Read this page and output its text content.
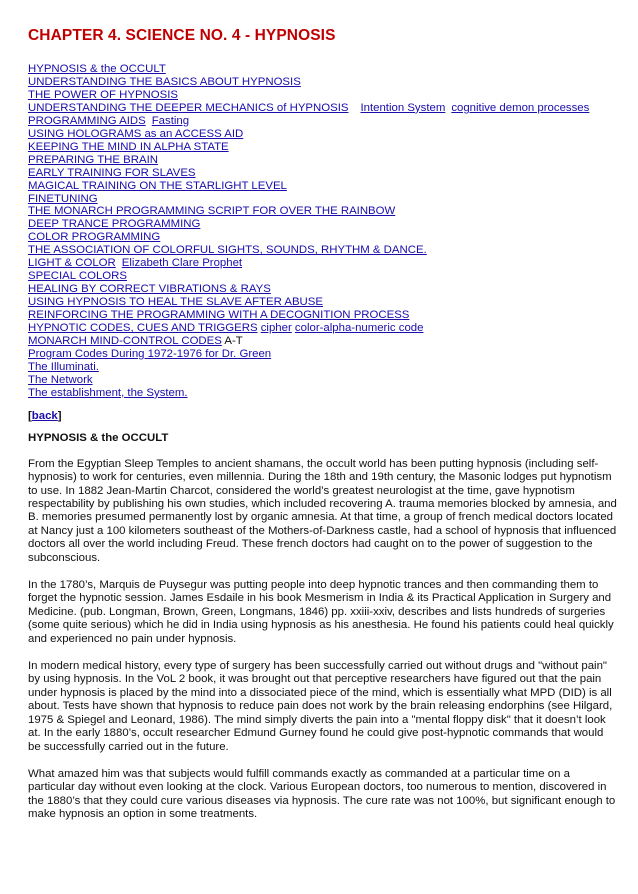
CHAPTER 4. SCIENCE NO. 4 - HYPNOSIS
HYPNOSIS & the OCCULT
UNDERSTANDING THE BASICS ABOUT HYPNOSIS
THE POWER OF HYPNOSIS
UNDERSTANDING THE DEEPER MECHANICS of HYPNOSIS Intention System cognitive demon processes
PROGRAMMING AIDS Fasting
USING HOLOGRAMS as an ACCESS AID
KEEPING THE MIND IN ALPHA STATE
PREPARING THE BRAIN
EARLY TRAINING FOR SLAVES
MAGICAL TRAINING ON THE STARLIGHT LEVEL
FINETUNING
THE MONARCH PROGRAMMING SCRIPT FOR OVER THE RAINBOW
DEEP TRANCE PROGRAMMING
COLOR PROGRAMMING
THE ASSOCIATION OF COLORFUL SIGHTS, SOUNDS, RHYTHM & DANCE.
LIGHT & COLOR Elizabeth Clare Prophet
SPECIAL COLORS
HEALING BY CORRECT VIBRATIONS & RAYS
USING HYPNOSIS TO HEAL THE SLAVE AFTER ABUSE
REINFORCING THE PROGRAMMING WITH A DECOGNITION PROCESS
HYPNOTIC CODES, CUES AND TRIGGERS cipher color-alpha-numeric code
MONARCH MIND-CONTROL CODES A-T
Program Codes During 1972-1976 for Dr. Green
The Illuminati.
The Network
The establishment, the System.
[back]
HYPNOSIS & the OCCULT

From the Egyptian Sleep Temples to ancient shamans, the occult world has been putting hypnosis (including self-hypnosis) to work for centuries, even millennia. During the 18th and 19th century, the Masonic lodges put hypnotism to use. In 1882 Jean-Martin Charcot, considered the world’s greatest neurologist at the time, gave hypnotism respectability by publishing his own studies, which included recovering A. trauma memories blocked by amnesia, and B. memories presumed permanently lost by organic amnesia. At that time, a group of french medical doctors located at Nancy just a 100 kilometers southeast of the Mothers-of-Darkness castle, had a school of hypnosis that influenced doctors all over the world including Freud. These french doctors had caught on to the power of suggestion to the subconscious.

In the 1780’s, Marquis de Puysegur was putting people into deep hypnotic trances and then commanding them to forget the hypnotic session. James Esdaile in his book Mesmerism in India & its Practical Application in Surgery and Medicine. (pub. Longman, Brown, Green, Longmans, 1846) pp. xxiii-xxiv, describes and lists hundreds of surgeries (some quite serious) which he did in India using hypnosis as his anesthesia. He found his patients could heal quickly and experienced no pain under hypnosis.

In modern medical history, every type of surgery has been successfully carried out without drugs and "without pain" by using hypnosis. In the VoL 2 book, it was brought out that perceptive researchers have figured out that the pain under hypnosis is placed by the mind into a dissociated piece of the mind, which is essentially what MPD (DID) is all about. Tests have shown that hypnosis to reduce pain does not work by the brain releasing endorphins (see Hilgard, 1975 & Spiegel and Leonard, 1986). The mind simply diverts the pain into a "mental floppy disk" that it doesn’t look at. In the early 1880’s, occult researcher Edmund Gurney found he could give post-hypnotic commands that would be successfully carried out in the future.

What amazed him was that subjects would fulfill commands exactly as commanded at a particular time on a particular day without even looking at the clock. Various European doctors, too numerous to mention, discovered in the 1880’s that they could cure various diseases via hypnosis. The cure rate was not 100%, but significant enough to make hypnosis an option in some treatments.
